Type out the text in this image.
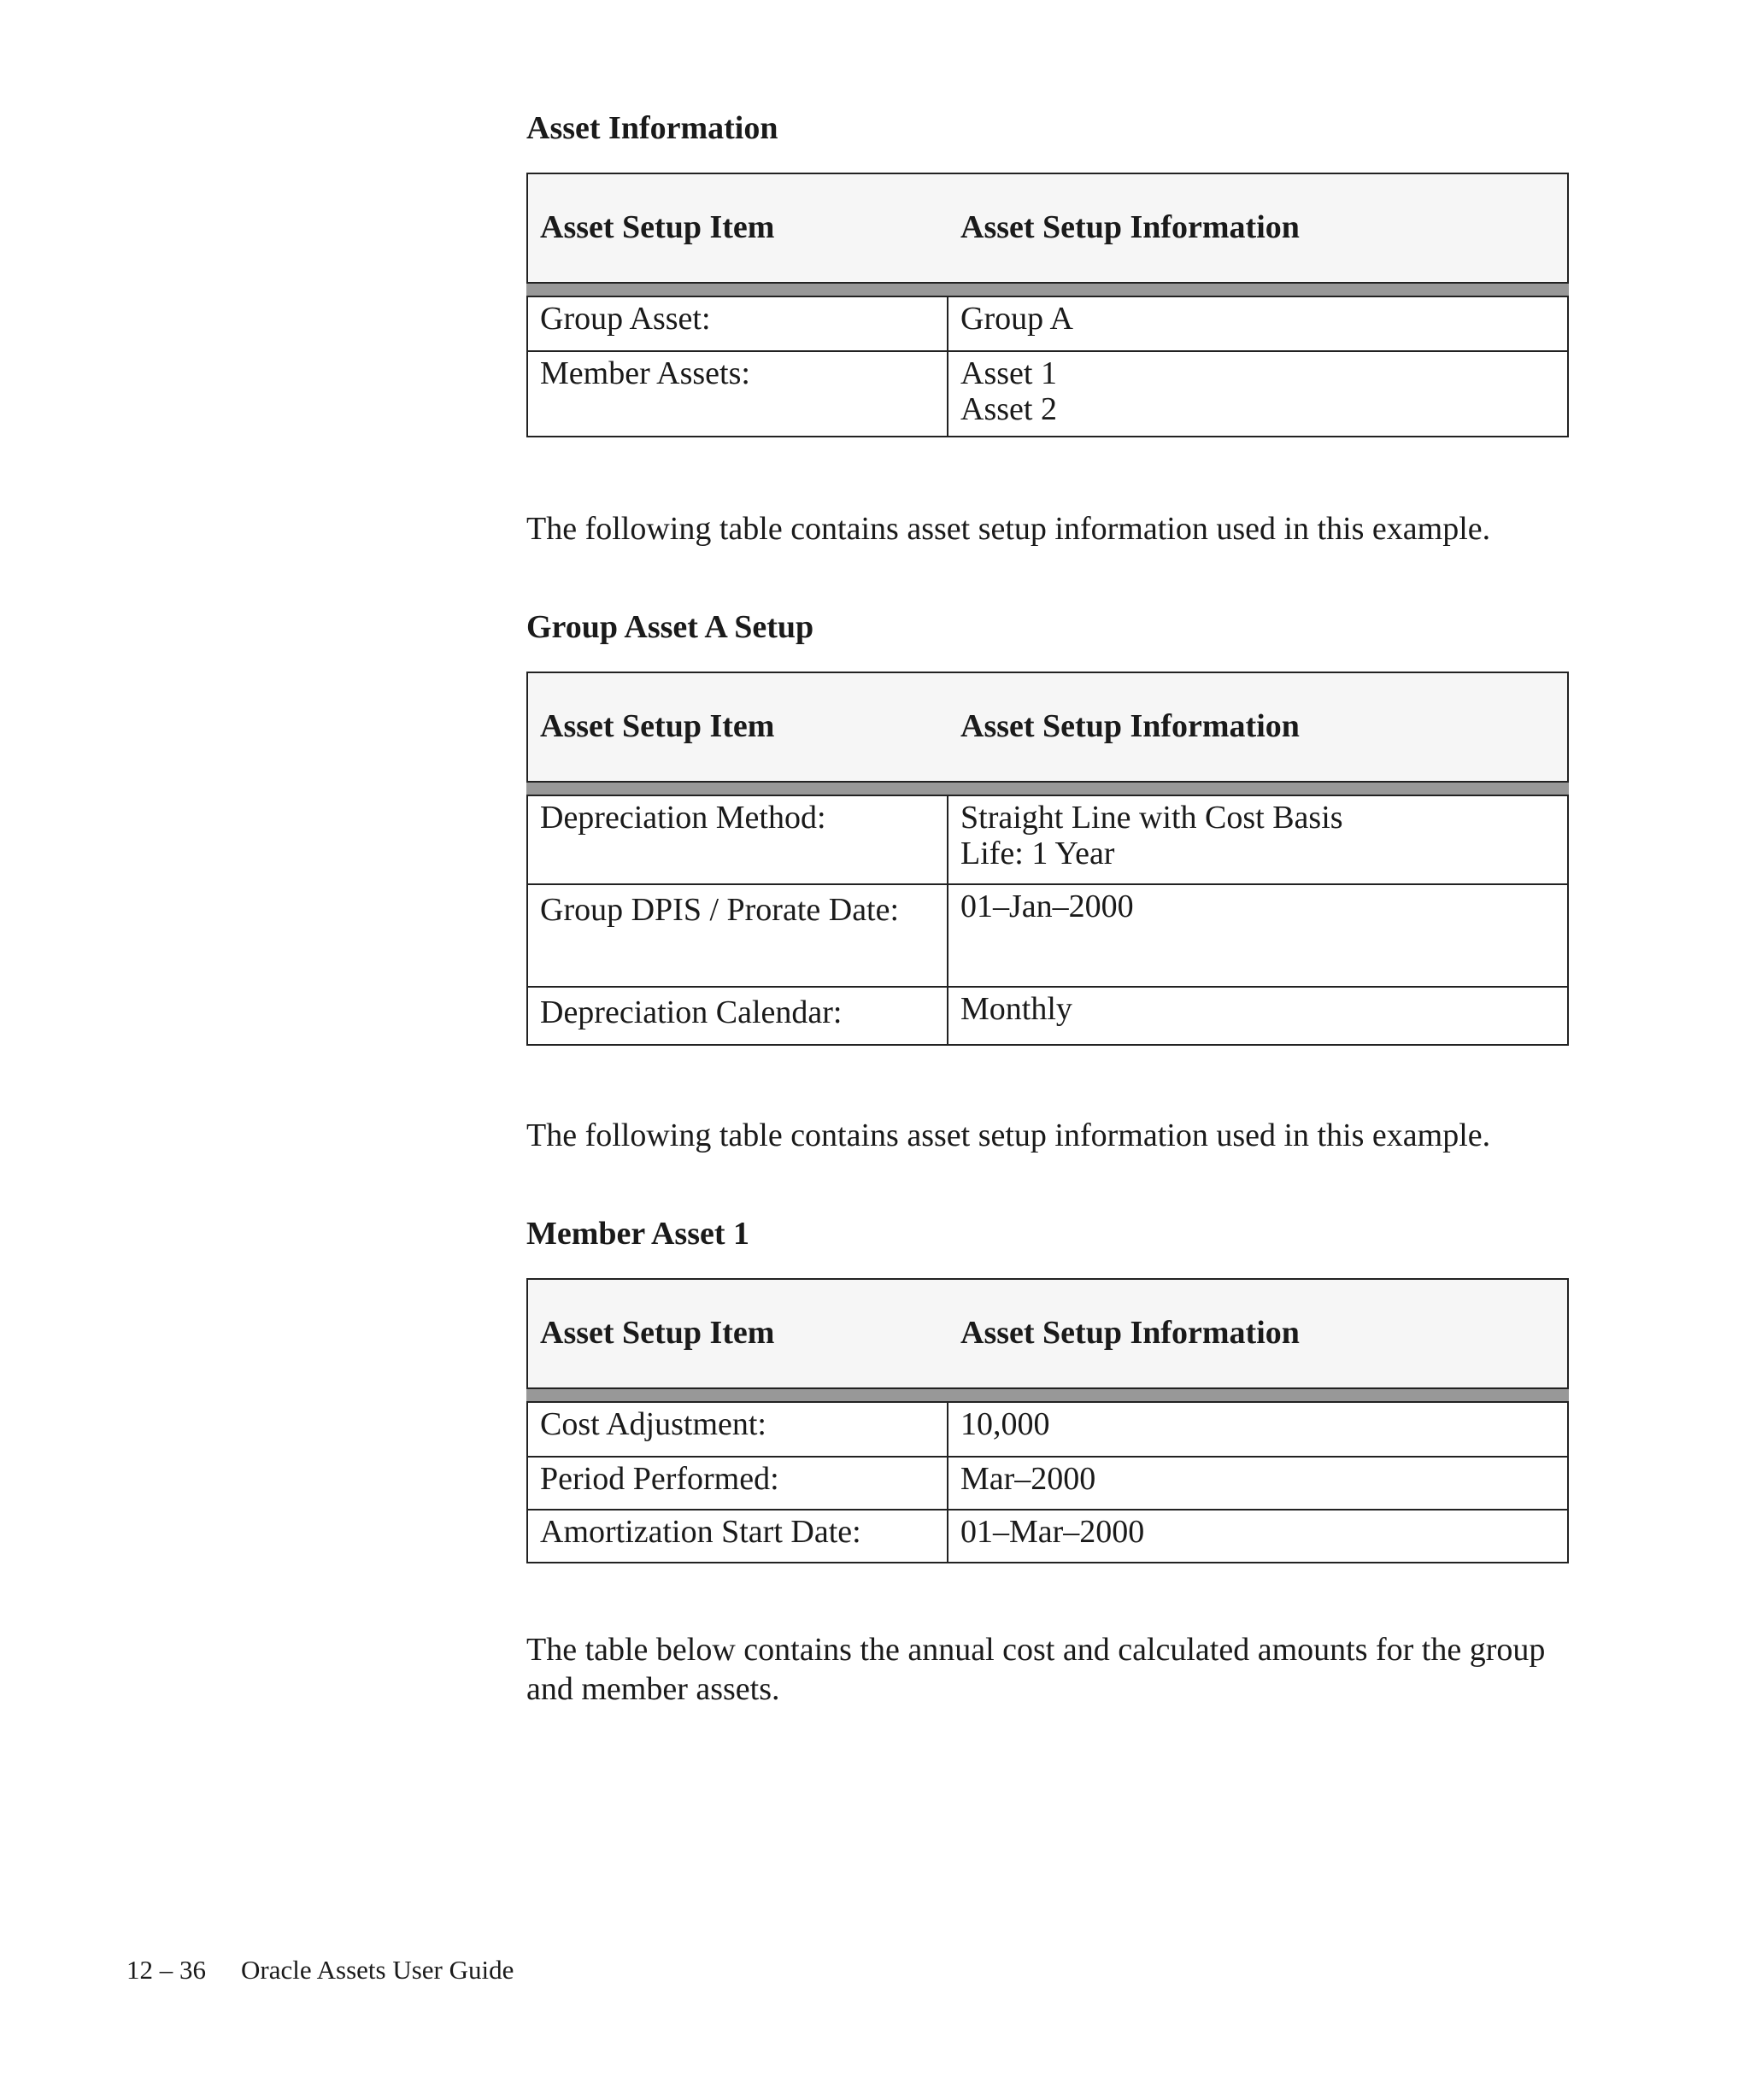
Asset Information
Asset Setup Item	Asset Setup Information
Group Asset:	Group A
Member Assets:	Asset 1
Asset 2
The following table contains asset setup information used in this example.
Group Asset A Setup
Asset Setup Item	Asset Setup Information
Depreciation Method:	Straight Line with Cost Basis
Life: 1 Year
Group DPIS / Prorate Date:	01–Jan–2000
Depreciation Calendar:	Monthly
The following table contains asset setup information used in this example.
Member Asset 1
Asset Setup Item	Asset Setup Information
Cost Adjustment:	10,000
Period Performed:	Mar–2000
Amortization Start Date:	01–Mar–2000
The table below contains the annual cost and calculated amounts for the group and member assets.
12 – 36 Oracle Assets User Guide
